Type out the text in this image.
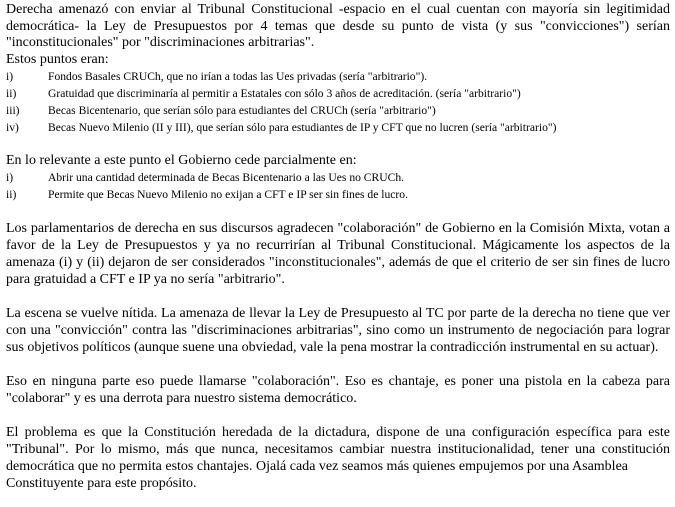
Derecha amenazó con enviar al Tribunal Constitucional -espacio en el cual cuentan con mayoría sin legitimidad democrática- la Ley de Presupuestos por 4 temas que desde su punto de vista (y sus "convicciones") serían "inconstitucionales" por "discriminaciones arbitrarias".

Estos puntos eran:

i)	Fondos Basales CRUCh, que no irían a todas las Ues privadas (sería "arbitrario").
ii)	Gratuidad que discriminaría al permitir a Estatales con sólo 3 años de acreditación. (sería "arbitrario")
iii)	Becas Bicentenario, que serían sólo para estudiantes del CRUCh (sería "arbitrario")
iv)	Becas Nuevo Milenio (II y III), que serían sólo para estudiantes de IP y CFT que no lucren (sería "arbitrario")

En lo relevante a este punto el Gobierno cede parcialmente en:

i)	Abrir una cantidad determinada de Becas Bicentenario a las Ues no CRUCh.
ii)	Permite que Becas Nuevo Milenio no exijan a CFT e IP ser sin fines de lucro.

Los parlamentarios de derecha en sus discursos agradecen "colaboración" de Gobierno en la Comisión Mixta, votan a favor de la Ley de Presupuestos y ya no recurrirían al Tribunal Constitucional. Mágicamente los aspectos de la amenaza (i) y (ii) dejaron de ser considerados "inconstitucionales", además de que el criterio de ser sin fines de lucro para gratuidad a CFT e IP ya no sería "arbitrario".

La escena se vuelve nítida. La amenaza de llevar la Ley de Presupuesto al TC por parte de la derecha no tiene que ver con una "convicción" contra las "discriminaciones arbitrarias", sino como un instrumento de negociación para lograr sus objetivos políticos (aunque suene una obviedad, vale la pena mostrar la contradicción instrumental en su actuar).

Eso en ninguna parte eso puede llamarse "colaboración". Eso es chantaje, es poner una pistola en la cabeza para "colaborar" y es una derrota para nuestro sistema democrático.

El problema es que la Constitución heredada de la dictadura, dispone de una configuración específica para este "Tribunal". Por lo mismo, más que nunca, necesitamos cambiar nuestra institucionalidad, tener una constitución democrática que no permita estos chantajes. Ojalá cada vez seamos más quienes empujemos por una Asamblea

Constituyente para este propósito.
